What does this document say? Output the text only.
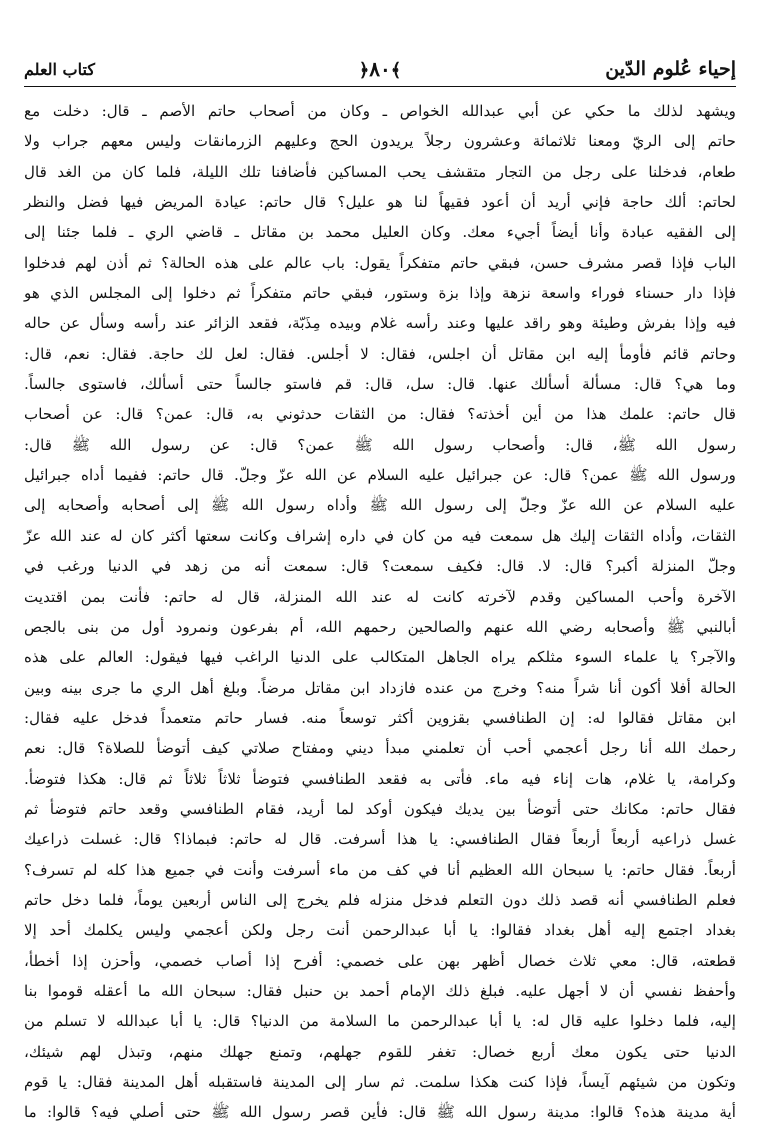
إحياء عُلوم الدّين
﴾٨٠﴿
كتاب العلم
ويشهد لذلك ما حكي عن أبي عبدالله الخواص ـ وكان من أصحاب حاتم الأصم ـ قال: دخلت مع
حاتم إلى الريّ ومعنا ثلاثمائة وعشرون رجلاً يريدون الحج وعليهم الزرمانقات وليس معهم جراب ولا
طعام، فدخلنا على رجل من التجار متقشف يحب المساكين فأضافنا تلك الليلة، فلما كان من الغد قال
لحاتم: ألك حاجة فإني أريد أن أعود فقيهاً لنا هو عليل؟ قال حاتم: عيادة المريض فيها فضل والنظر
إلى الفقيه عبادة وأنا أيضاً أجيء معك. وكان العليل محمد بن مقاتل ـ قاضي الري ـ فلما جئنا إلى
الباب فإذا قصر مشرف حسن، فبقي حاتم متفكراً يقول: باب عالم على هذه الحالة؟ ثم أذن لهم فدخلوا
فإذا دار حسناء فوراء واسعة نزهة وإذا بزة وستور، فبقي حاتم متفكراً ثم دخلوا إلى المجلس الذي هو
فيه وإذا بفرش وطيئة وهو راقد عليها وعند رأسه غلام وبيده مِذَبّة، فقعد الزائر عند رأسه وسأل عن حاله
وحاتم قائم فأومأ إليه ابن مقاتل أن اجلس، فقال: لا أجلس. فقال: لعل لك حاجة. فقال: نعم، قال:
وما هي؟ قال: مسألة أسألك عنها. قال: سل، قال: قم فاستو جالساً حتى أسألك، فاستوى جالساً.
قال حاتم: علمك هذا من أين أخذته؟ فقال: من الثقات حدثوني به، قال: عمن؟ قال: عن أصحاب
رسول الله ﷺ، قال: وأصحاب رسول الله ﷺ عمن؟ قال: عن رسول الله ﷺ قال:
ورسول الله ﷺ عمن؟ قال: عن جبرائيل عليه السلام عن الله عزّ وجلّ. قال حاتم: ففيما أداه جبرائيل
عليه السلام عن الله عزّ وجلّ إلى رسول الله ﷺ وأداه رسول الله ﷺ إلى أصحابه وأصحابه إلى
الثقات، وأداه الثقات إليك هل سمعت فيه من كان في داره إشراف وكانت سعتها أكثر كان له عند الله عزّ
وجلّ المنزلة أكبر؟ قال: لا. قال: فكيف سمعت؟ قال: سمعت أنه من زهد في الدنيا ورغب في
الآخرة وأحب المساكين وقدم لآخرته كانت له عند الله المنزلة، قال له حاتم: فأنت بمن اقتديت
أبالنبي ﷺ وأصحابه رضي الله عنهم والصالحين رحمهم الله، أم بفرعون ونمرود أول من بنى بالجص
والآجر؟ يا علماء السوء مثلكم يراه الجاهل المتكالب على الدنيا الراغب فيها فيقول: العالم على هذه
الحالة أفلا أكون أنا شراً منه؟ وخرج من عنده فازداد ابن مقاتل مرضاً. وبلغ أهل الري ما جرى بينه وبين
ابن مقاتل فقالوا له: إن الطنافسي بقزوين أكثر توسعاً منه. فسار حاتم متعمداً فدخل عليه فقال:
رحمك الله أنا رجل أعجمي أحب أن تعلمني مبدأ ديني ومفتاح صلاتي كيف أتوضأ للصلاة؟ قال: نعم
وكرامة، يا غلام، هات إناء فيه ماء. فأتى به فقعد الطنافسي فتوضأ ثلاثاً ثلاثاً ثم قال: هكذا فتوضأ.
فقال حاتم: مكانك حتى أتوضأ بين يديك فيكون أوكد لما أريد، فقام الطنافسي وقعد حاتم فتوضأ ثم
غسل ذراعيه أربعاً أربعاً فقال الطنافسي: يا هذا أسرفت. قال له حاتم: فبماذا؟ قال: غسلت ذراعيك
أربعاً. فقال حاتم: يا سبحان الله العظيم أنا في كف من ماء أسرفت وأنت في جميع هذا كله لم تسرف؟
فعلم الطنافسي أنه قصد ذلك دون التعلم فدخل منزله فلم يخرج إلى الناس أربعين يوماً، فلما دخل حاتم
بغداد اجتمع إليه أهل بغداد فقالوا: يا أبا عبدالرحمن أنت رجل ولكن أعجمي وليس يكلمك أحد إلا
قطعته، قال: معي ثلاث خصال أظهر بهن على خصمي: أفرح إذا أصاب خصمي، وأحزن إذا أخطأ،
وأحفظ نفسي أن لا أجهل عليه. فبلغ ذلك الإمام أحمد بن حنبل فقال: سبحان الله ما أعقله قوموا بنا
إليه، فلما دخلوا عليه قال له: يا أبا عبدالرحمن ما السلامة من الدنيا؟ قال: يا أبا عبدالله لا تسلم من
الدنيا حتى يكون معك أربع خصال: تغفر للقوم جهلهم، وتمنع جهلك منهم، وتبذل لهم شيئك،
وتكون من شيئهم آيساً، فإذا كنت هكذا سلمت. ثم سار إلى المدينة فاستقبله أهل المدينة فقال: يا قوم
أية مدينة هذه؟ قالوا: مدينة رسول الله ﷺ قال: فأين قصر رسول الله ﷺ حتى أصلي فيه؟ قالوا: ما
